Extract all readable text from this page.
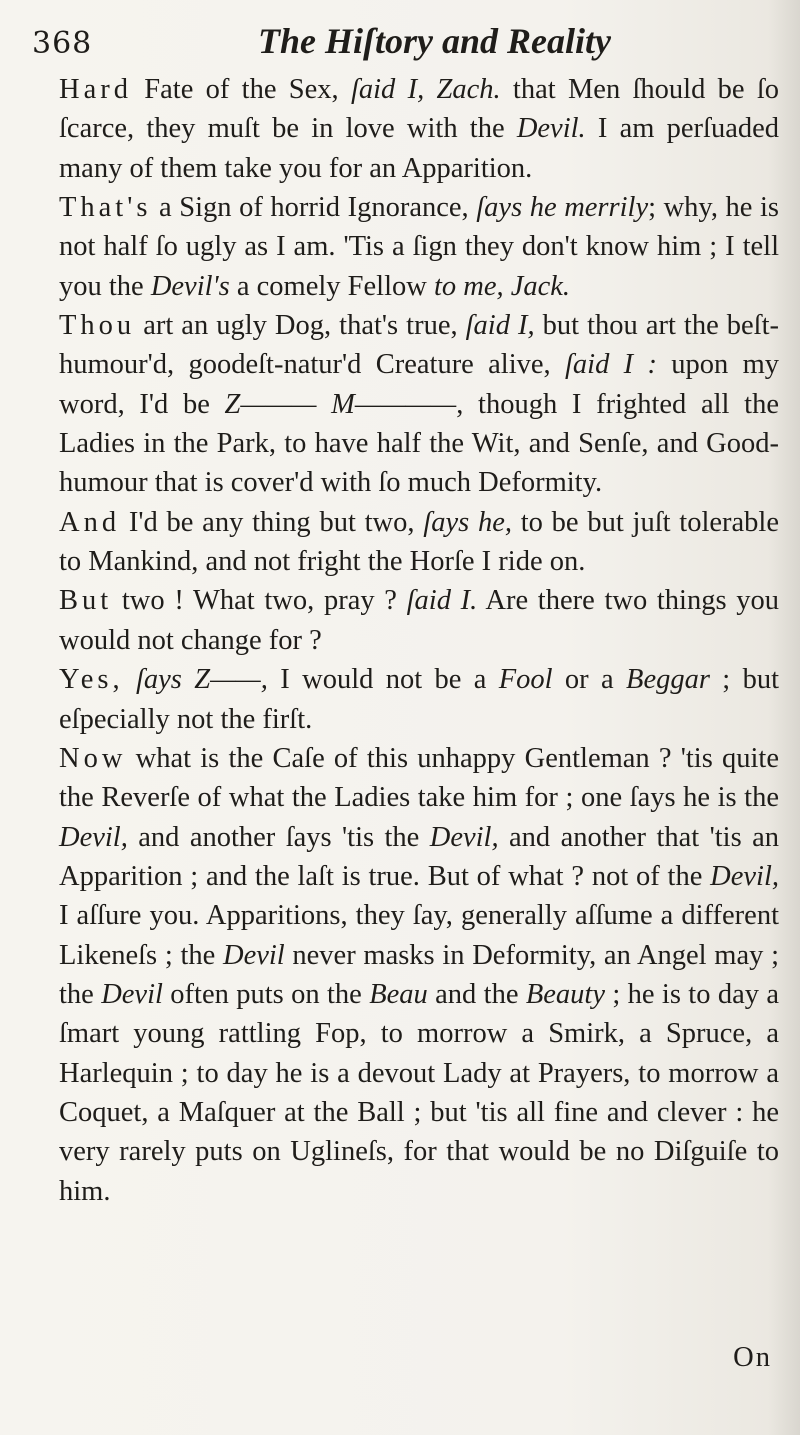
368	The Hiſtory and Reality

Hard Fate of the Sex, ſaid I, Zach. that Men ſhould be ſo ſcarce, they muſt be in love with the Devil. I am perſuaded many of them take you for an Apparition.

That's a Sign of horrid Ignorance, ſays he merrily; why, he is not half ſo ugly as I am. 'Tis a ſign they don't know him ; I tell you the Devil's a comely Fellow to me, Jack.

Thou art an ugly Dog, that's true, ſaid I, but thou art the beſt-humour'd, goodeſt-natur'd Creature alive, ſaid I : upon my word, I'd be Z——— M————, though I frighted all the Ladies in the Park, to have half the Wit, and Senſe, and Good-humour that is cover'd with ſo much Deformity.

And I'd be any thing but two, ſays he, to be but juſt tolerable to Mankind, and not fright the Horſe I ride on.

But two ! What two, pray ? ſaid I. Are there two things you would not change for ?

Yes, ſays Z——, I would not be a Fool or a Beggar ; but eſpecially not the firſt.

Now what is the Caſe of this unhappy Gentleman ? 'tis quite the Reverſe of what the Ladies take him for ; one ſays he is the Devil, and another ſays 'tis the Devil, and another that 'tis an Apparition ; and the laſt is true. But of what ? not of the Devil, I aſſure you. Apparitions, they ſay, generally aſſume a different Likeneſs ; the Devil never masks in Deformity, an Angel may ; the Devil often puts on the Beau and the Beauty ; he is to day a ſmart young rattling Fop, to morrow a Smirk, a Spruce, a Harlequin ; to day he is a devout Lady at Prayers, to morrow a Coquet, a Maſquer at the Ball ; but 'tis all fine and clever : he very rarely puts on Uglineſs, for that would be no Diſguiſe to him.

On
